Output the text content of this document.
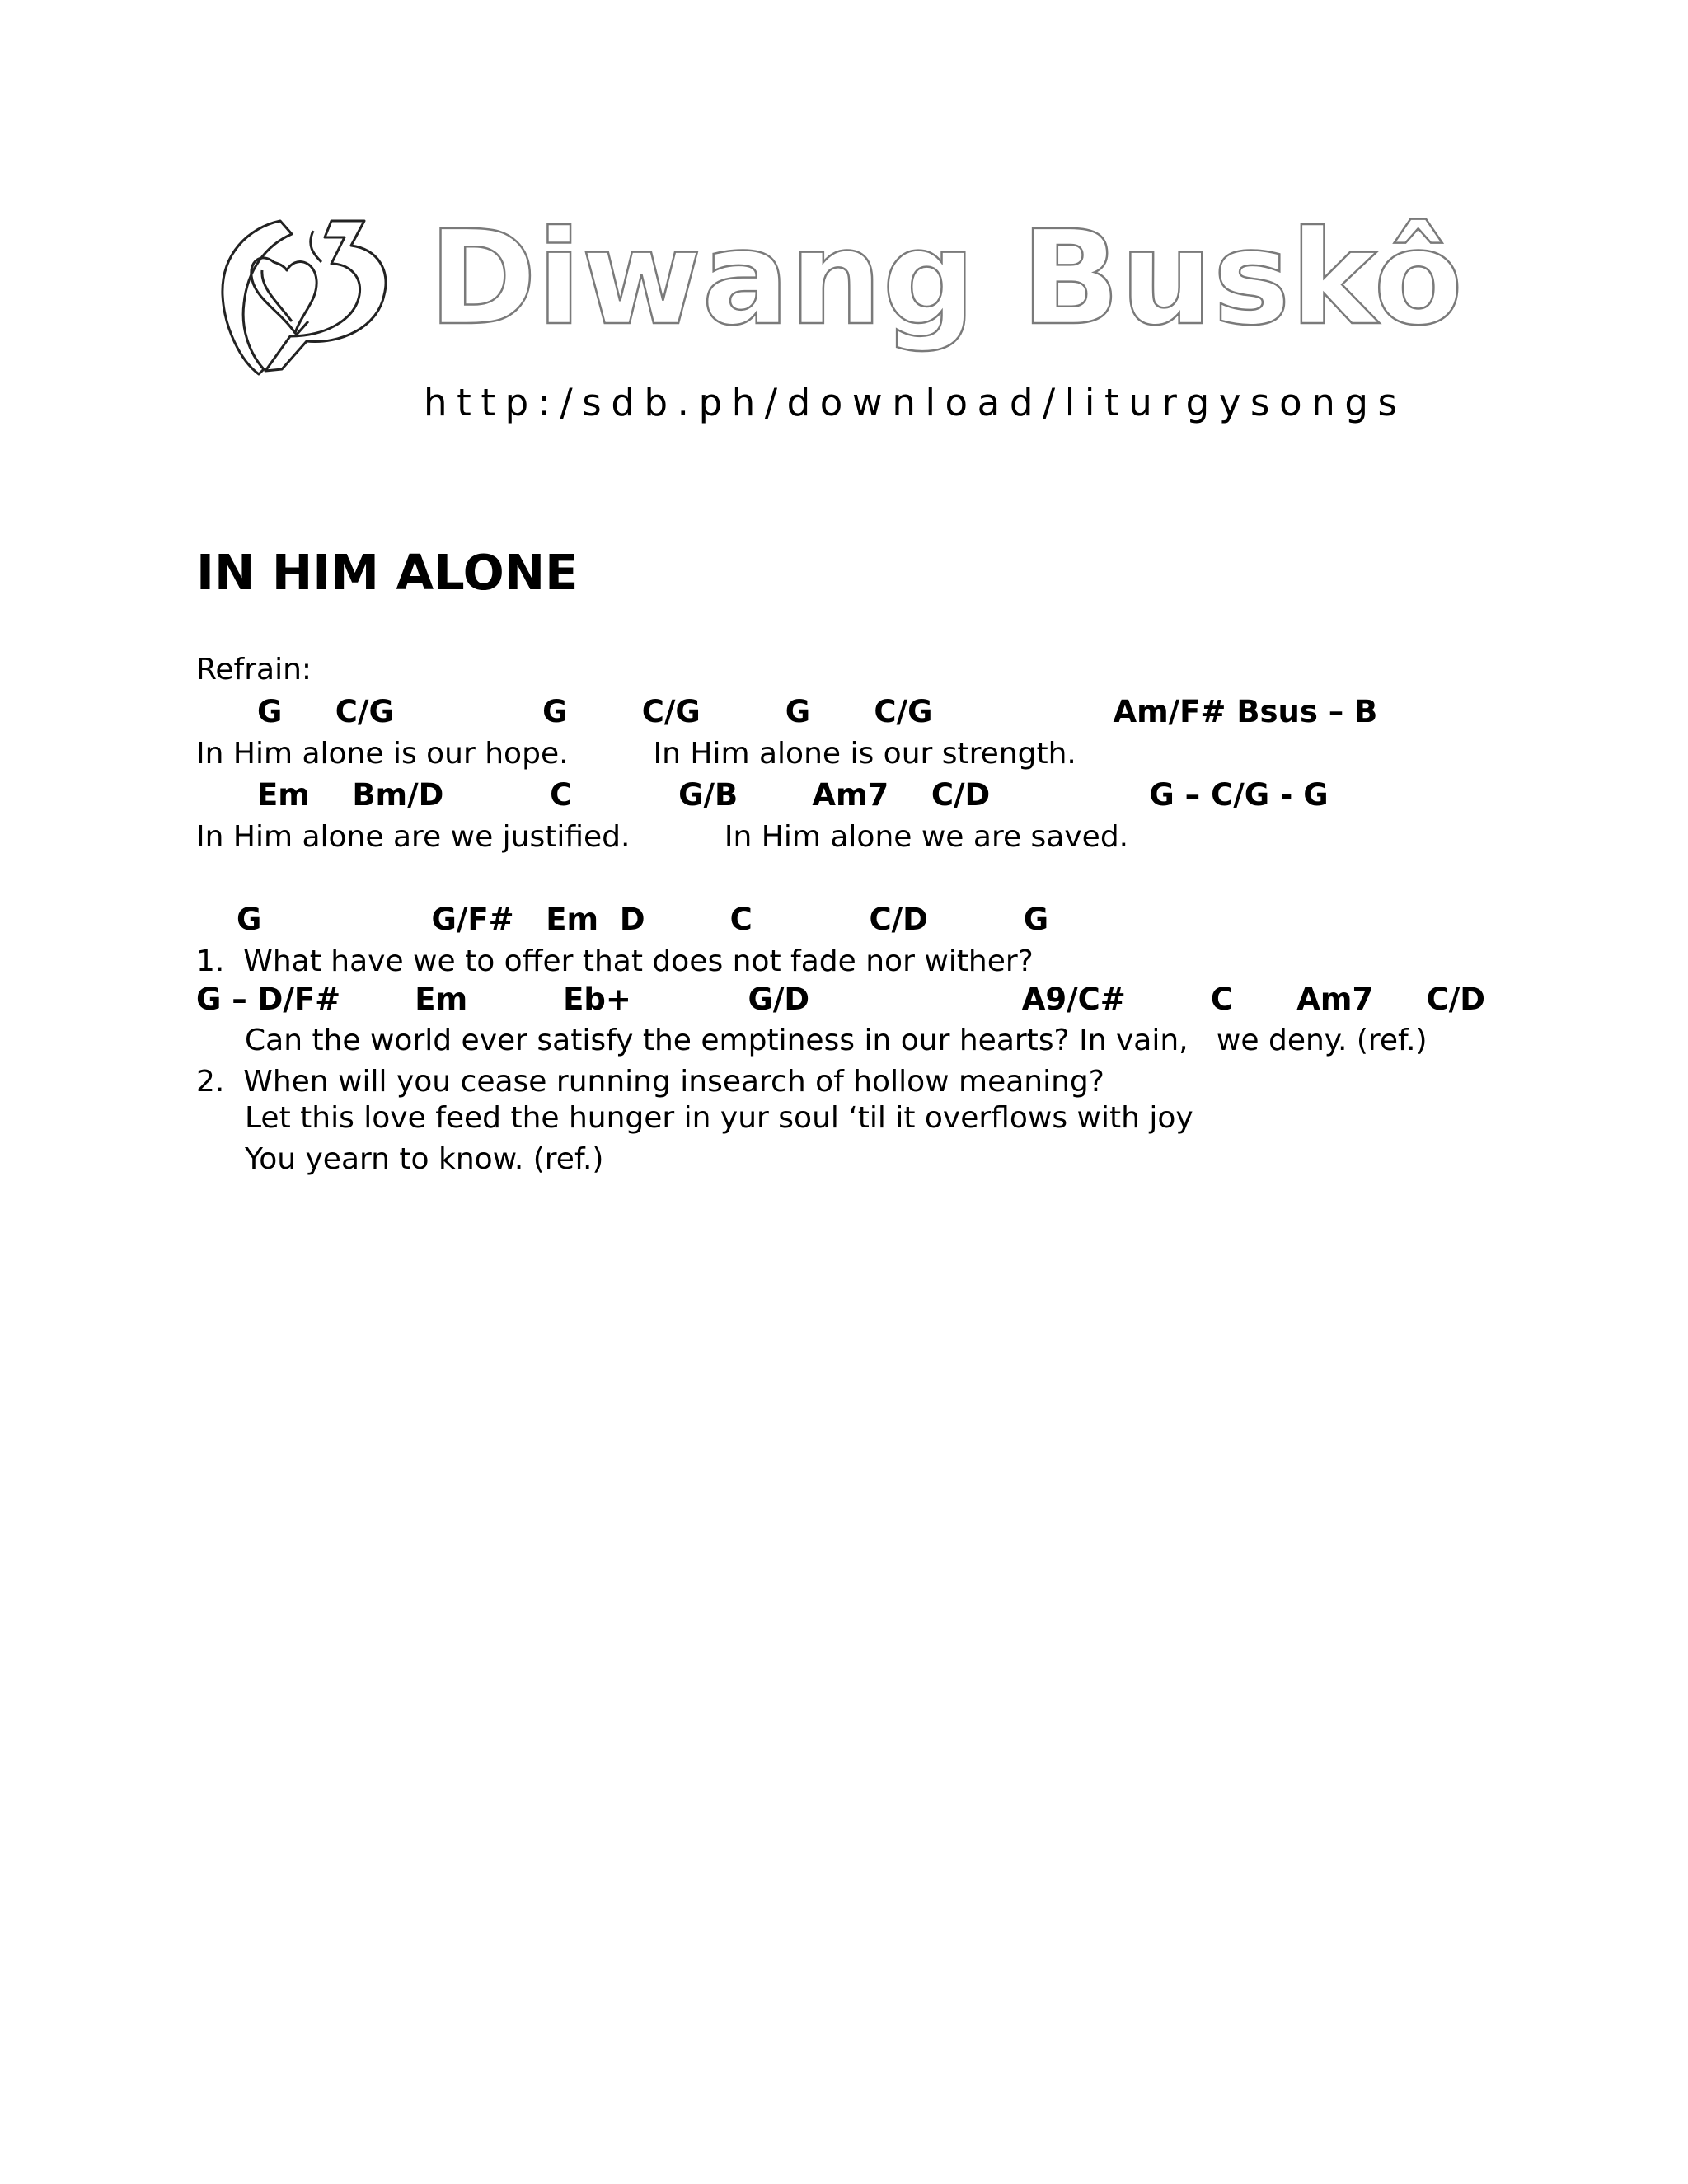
Diwang Buskô
http:/sdb.ph/download/liturgysongs
IN HIM ALONE
Refrain:
G     C/G              G       C/G        G      C/G                 Am/F# Bsus – B
In Him alone is our hope.         In Him alone is our strength.
Em    Bm/D          C          G/B       Am7    C/D               G – C/G - G
In Him alone are we justified.          In Him alone we are saved.
G                G/F#   Em  D        C           C/D         G
1.  What have we to offer that does not fade nor wither?
G – D/F#       Em         Eb+           G/D                    A9/C#        C      Am7     C/D
Can the world ever satisfy the emptiness in our hearts? In vain,   we deny. (ref.)
2.  When will you cease running insearch of hollow meaning?
Let this love feed the hunger in yur soul ‘til it overflows with joy
You yearn to know. (ref.)
